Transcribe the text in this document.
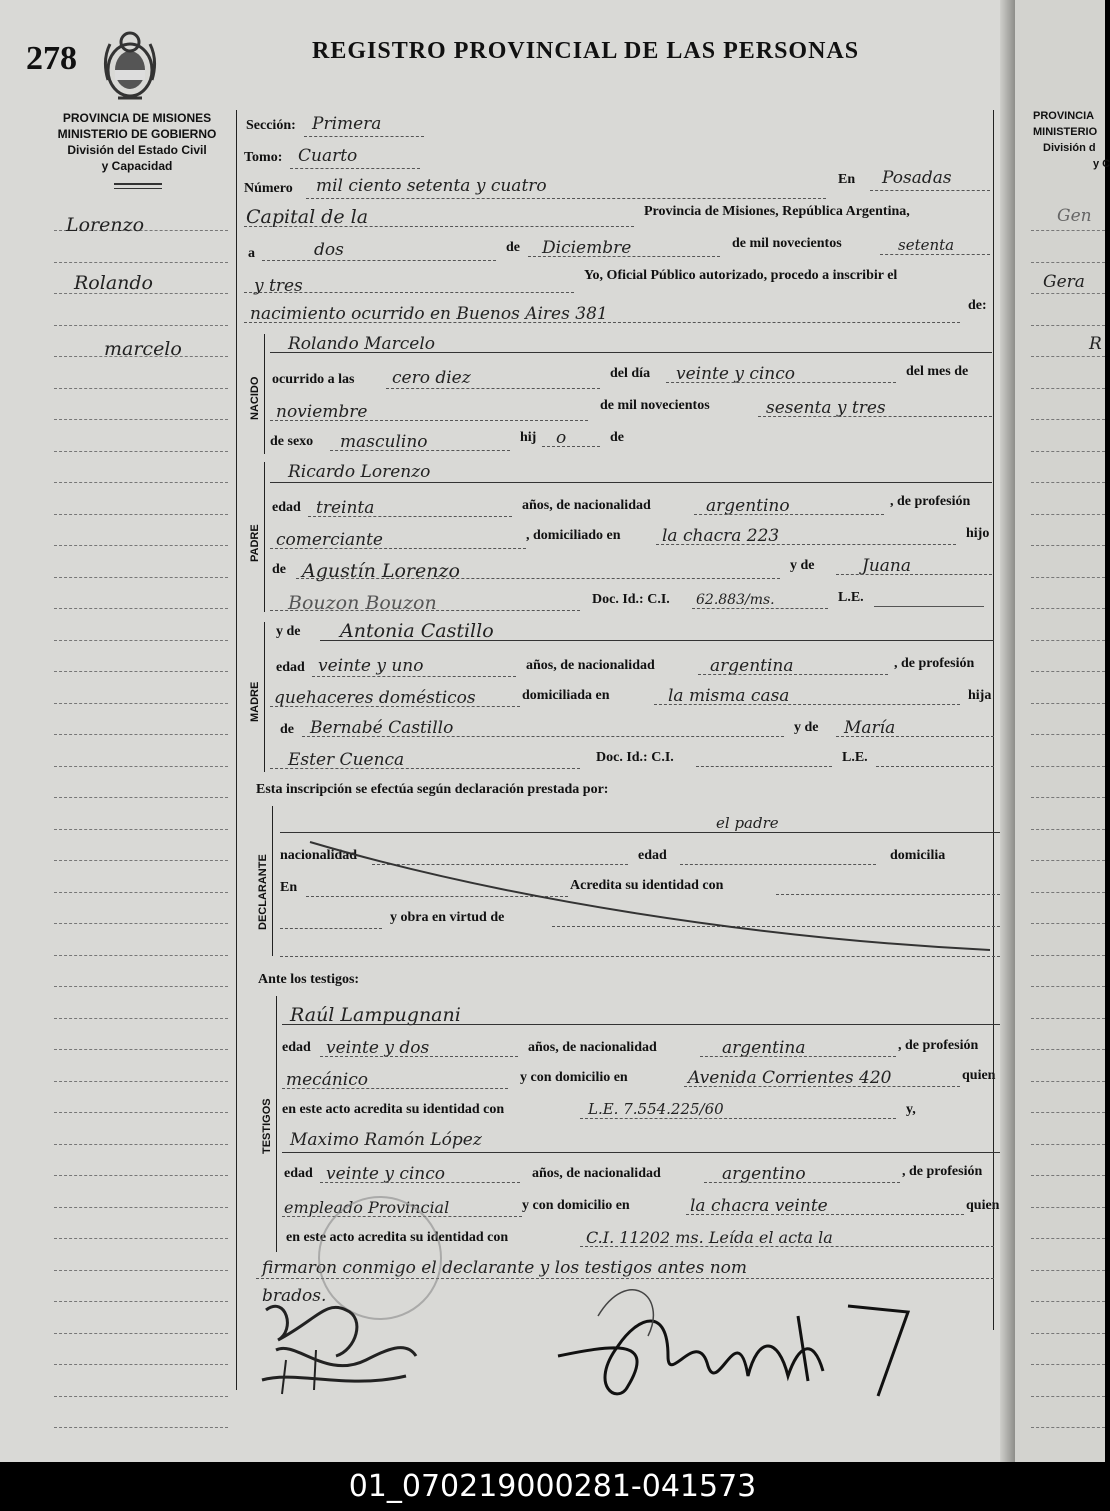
278	REGISTRO PROVINCIAL DE LAS PERSONAS
PROVINCIA DE MISIONES
MINISTERIO DE GOBIERNO
División del Estado Civil
y Capacidad
Lorenzo
Rolando
marcelo
Sección: Primera
Tomo: Cuarto
Número mil ciento setenta y cuatro	En Posadas
Capital de la	Provincia de Misiones, República Argentina,
a	dos	de Diciembre	de mil novecientos	setenta
y tres
Yo, Oficial Público autorizado, procedo a inscribir el
nacimiento ocurrido en Buenos Aires 381	de:
NACIDO
Rolando Marcelo
ocurrido a las cero diez	del día veinte y cinco	del mes de
noviembre	de mil novecientos	sesenta y tres
de sexo masculino	hij o	de
PADRE
Ricardo Lorenzo
edad treinta	años, de nacionalidad	argentino	, de profesión
comerciante	, domiciliado en la chacra 223	hijo
de Agustín Lorenzo	y de	Juana
Bouzon Bouzon	Doc. Id.: C.I. 62.883/ms.	L.E.
MADRE
y de Antonia Castillo
edad veinte y uno	años, de nacionalidad	argentina	, de profesión
quehaceres domésticos	domiciliada en	la misma casa	hija
de Bernabé Castillo	y de María
Ester Cuenca	Doc. Id.: C.I.	L.E.
Esta inscripción se efectúa según declaración prestada por:
DECLARANTE
el padre
nacionalidad	edad	domicilia
En	Acredita su identidad con
y obra en virtud de
Ante los testigos:
TESTIGOS
Raúl Lampugnani
edad veinte y dos	años, de nacionalidad	argentina	, de profesión
mecánico	y con domicilio en	Avenida Corrientes 420	quien
en este acto acredita su identidad con	L.E. 7.554.225/60	y,
Maximo Ramón López
edad veinte y cinco	años, de nacionalidad	argentino	, de profesión
empleado Provincial	y con domicilio en	la chacra veinte	quien
en este acto acredita su identidad con	C.I. 11202 ms. Leída el acta la
firmaron conmigo el declarante y los testigos antes nom
brados.
PROVINCIA
MINISTERIO
División d
y C
Gen
Gera
R
01_070219000281-041573
